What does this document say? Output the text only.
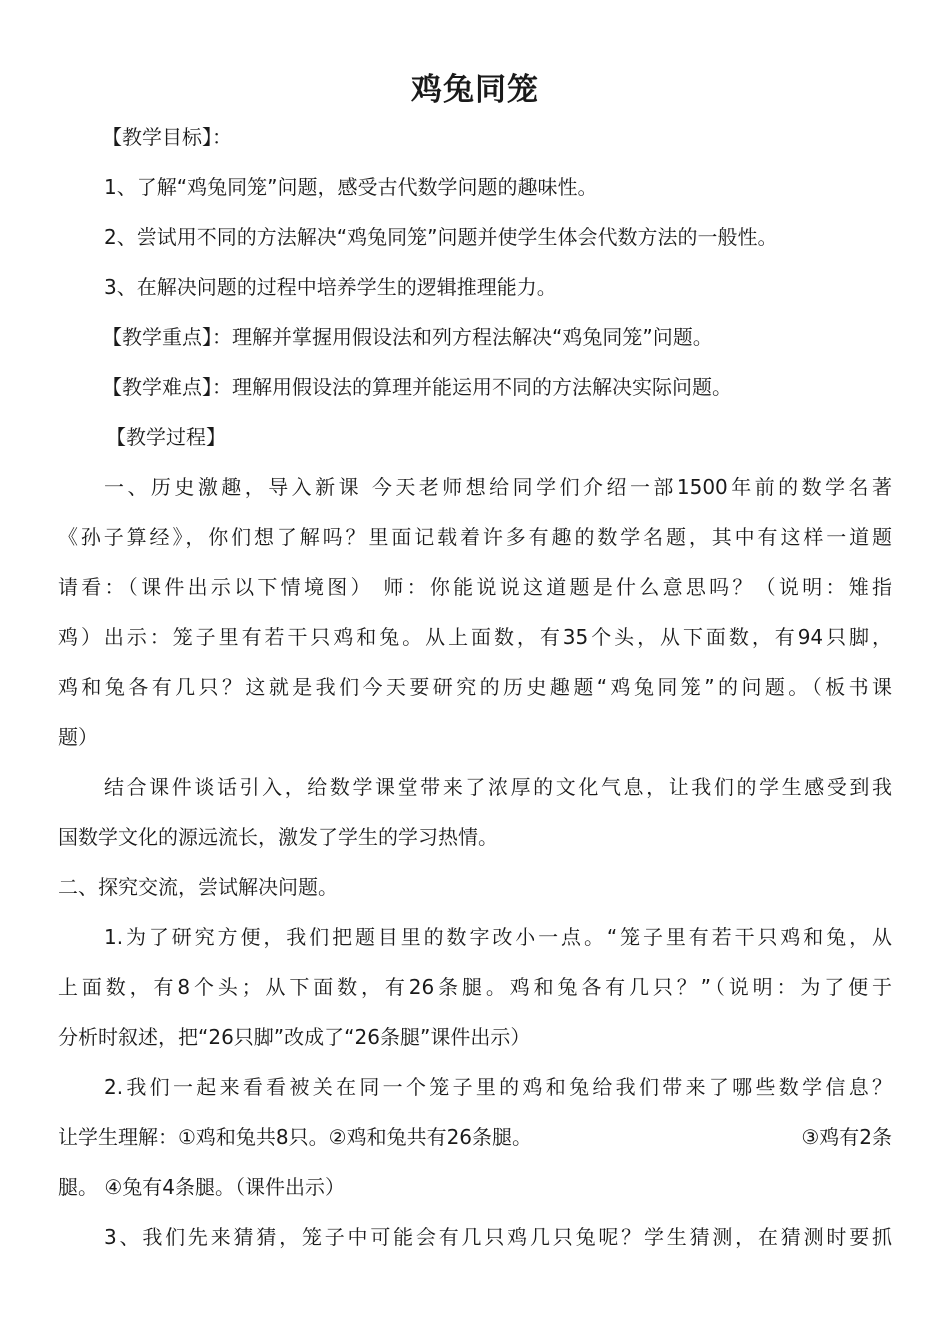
鸡兔同笼
【教学目标】：
1、了解“鸡兔同笼”问题，感受古代数学问题的趣味性。
2、尝试用不同的方法解决“鸡兔同笼”问题并使学生体会代数方法的一般性。
3、在解决问题的过程中培养学生的逻辑推理能力。
【教学重点】：理解并掌握用假设法和列方程法解决“鸡兔同笼”问题。
【教学难点】：理解用假设法的算理并能运用不同的方法解决实际问题。
【教学过程】
一、历史激趣，导入新课 今天老师想给同学们介绍一部1500年前的数学名著
《孙子算经》，你们想了解吗？里面记载着许多有趣的数学名题，其中有这样一道题
请看：（课件出示以下情境图） 师：你能说说这道题是什么意思吗？（说明：雉指
鸡）出示：笼子里有若干只鸡和兔。从上面数，有35个头，从下面数，有94只脚，
鸡和兔各有几只？这就是我们今天要研究的历史趣题“鸡兔同笼”的问题。（板书课
题）
结合课件谈话引入，给数学课堂带来了浓厚的文化气息，让我们的学生感受到我
国数学文化的源远流长，激发了学生的学习热情。
二、探究交流，尝试解决问题。
1.为了研究方便，我们把题目里的数字改小一点。“笼子里有若干只鸡和兔，从
上面数，有8个头；从下面数，有26条腿。鸡和兔各有几只？”（说明：为了便于
分析时叙述，把“26只脚”改成了“26条腿”课件出示）
2.我们一起来看看被关在同一个笼子里的鸡和兔给我们带来了哪些数学信息？
让学生理解：①鸡和兔共8只。②鸡和兔共有26条腿。	③鸡有2条
腿。 ④兔有4条腿。（课件出示）
3、我们先来猜猜，笼子中可能会有几只鸡几只兔呢？学生猜测，在猜测时要抓
